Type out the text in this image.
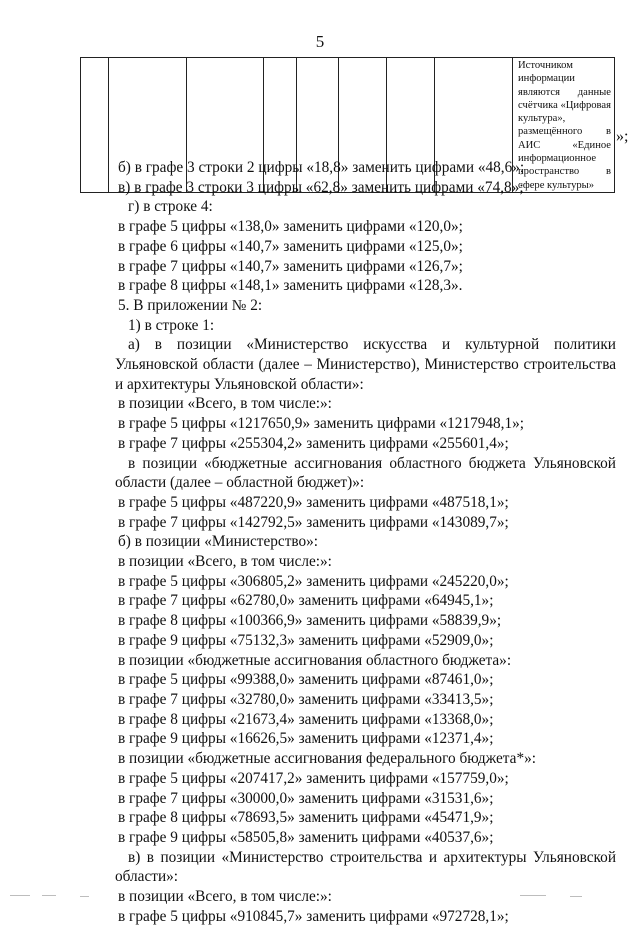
5
								Источником информации являются данные счётчика «Цифровая культура», размещённого в АИС «Единое информационное пространство в сфере культуры»
»;

б) в графе 3 строки 2 цифры «18,8» заменить цифрами «48,6»;

в) в графе 3 строки 3 цифры «62,8» заменить цифрами «74,8»;

г) в строке 4:

в графе 5 цифры «138,0» заменить цифрами «120,0»;

в графе 6 цифры «140,7» заменить цифрами «125,0»;

в графе 7 цифры «140,7» заменить цифрами «126,7»;

в графе 8 цифры «148,1» заменить цифрами «128,3».

5. В приложении № 2:

1) в строке 1:

а) в позиции «Министерство искусства и культурной политики Ульяновской области (далее – Министерство), Министерство строительства и архитектуры Ульяновской области»:

в позиции «Всего, в том числе:»:

в графе 5 цифры «1217650,9» заменить цифрами «1217948,1»;

в графе 7 цифры «255304,2» заменить цифрами «255601,4»;

в позиции «бюджетные ассигнования областного бюджета Ульяновской области (далее – областной бюджет)»:

в графе 5 цифры «487220,9» заменить цифрами «487518,1»;

в графе 7 цифры «142792,5» заменить цифрами «143089,7»;

б) в позиции «Министерство»:

в позиции «Всего, в том числе:»:

в графе 5 цифры «306805,2» заменить цифрами «245220,0»;

в графе 7 цифры «62780,0» заменить цифрами «64945,1»;

в графе 8 цифры «100366,9» заменить цифрами «58839,9»;

в графе 9 цифры «75132,3» заменить цифрами «52909,0»;

в позиции «бюджетные ассигнования областного бюджета»:

в графе 5 цифры «99388,0» заменить цифрами «87461,0»;

в графе 7 цифры «32780,0» заменить цифрами «33413,5»;

в графе 8 цифры «21673,4» заменить цифрами «13368,0»;

в графе 9 цифры «16626,5» заменить цифрами «12371,4»;

в позиции «бюджетные ассигнования федерального бюджета*»:

в графе 5 цифры «207417,2» заменить цифрами «157759,0»;

в графе 7 цифры «30000,0» заменить цифрами «31531,6»;

в графе 8 цифры «78693,5» заменить цифрами «45471,9»;

в графе 9 цифры «58505,8» заменить цифрами «40537,6»;

в) в позиции «Министерство строительства и архитектуры Ульяновской области»:

в позиции «Всего, в том числе:»:

в графе 5 цифры «910845,7» заменить цифрами «972728,1»;
